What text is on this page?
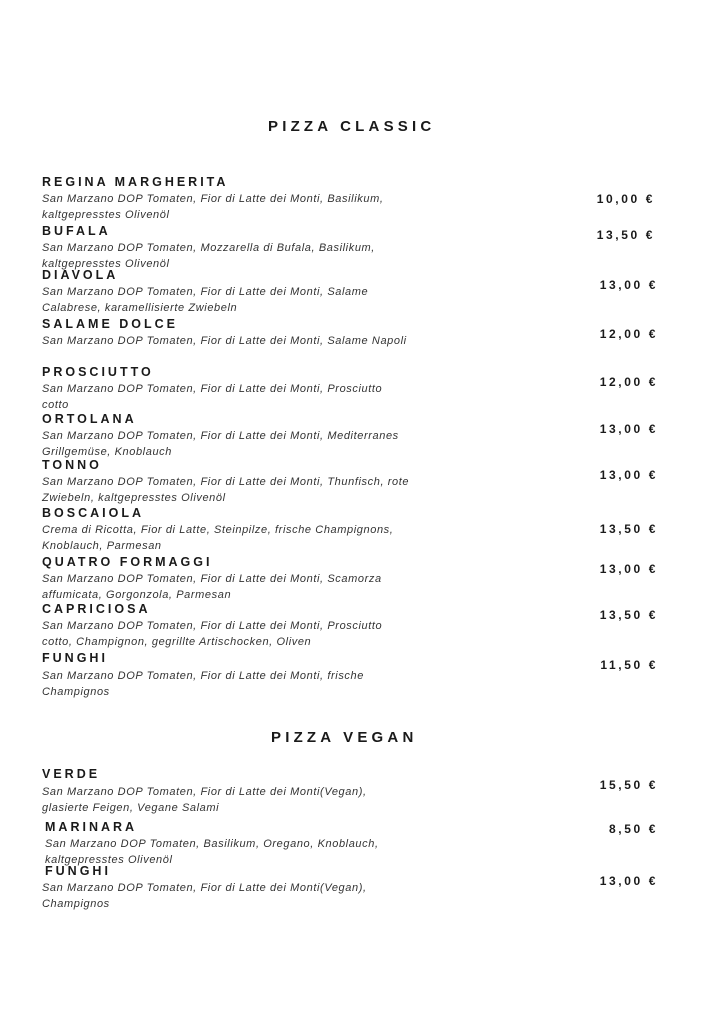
PIZZA CLASSIC
REGINA MARGHERITA
San Marzano DOP Tomaten, Fior di Latte dei Monti, Basilikum, kaltgepresstes Olivenöl
10,00 €
BUFALA
San Marzano DOP Tomaten, Mozzarella di Bufala, Basilikum, kaltgepresstes Olivenöl
13,50 €
DIAVOLA
San Marzano DOP Tomaten, Fior di Latte dei Monti, Salame Calabrese, karamellisierte Zwiebeln
13,00 €
SALAME DOLCE
San Marzano DOP Tomaten, Fior di Latte dei Monti, Salame Napoli	12,00 €
PROSCIUTTO
San Marzano DOP Tomaten, Fior di Latte dei Monti, Prosciutto cotto
12,00 €
ORTOLANA
San Marzano DOP Tomaten, Fior di Latte dei Monti, Mediterranes Grillgemüse, Knoblauch
13,00 €
TONNO
San Marzano DOP Tomaten, Fior di Latte dei Monti, Thunfisch, rote Zwiebeln, kaltgepresstes Olivenöl
13,00 €
BOSCAIOLA
Crema di Ricotta, Fior di Latte, Steinpilze, frische Champignons, Knoblauch, Parmesan
13,50 €
QUATRO FORMAGGI
San Marzano DOP Tomaten, Fior di Latte dei Monti, Scamorza affumicata, Gorgonzola, Parmesan
13,00 €
CAPRICIOSA
San Marzano DOP Tomaten, Fior di Latte dei Monti, Prosciutto cotto, Champignon, gegrillte Artischocken, Oliven
13,50 €
FUNGHI
San Marzano DOP Tomaten, Fior di Latte dei Monti, frische Champignos
11,50 €
PIZZA VEGAN
VERDE
San Marzano DOP Tomaten, Fior di Latte dei Monti(Vegan), glasierte Feigen, Vegane Salami
15,50 €
MARINARA
San Marzano DOP Tomaten, Basilikum, Oregano, Knoblauch, kaltgepresstes Olivenöl
8,50 €
FUNGHI
San Marzano DOP Tomaten, Fior di Latte dei Monti(Vegan), Champignos
13,00 €
